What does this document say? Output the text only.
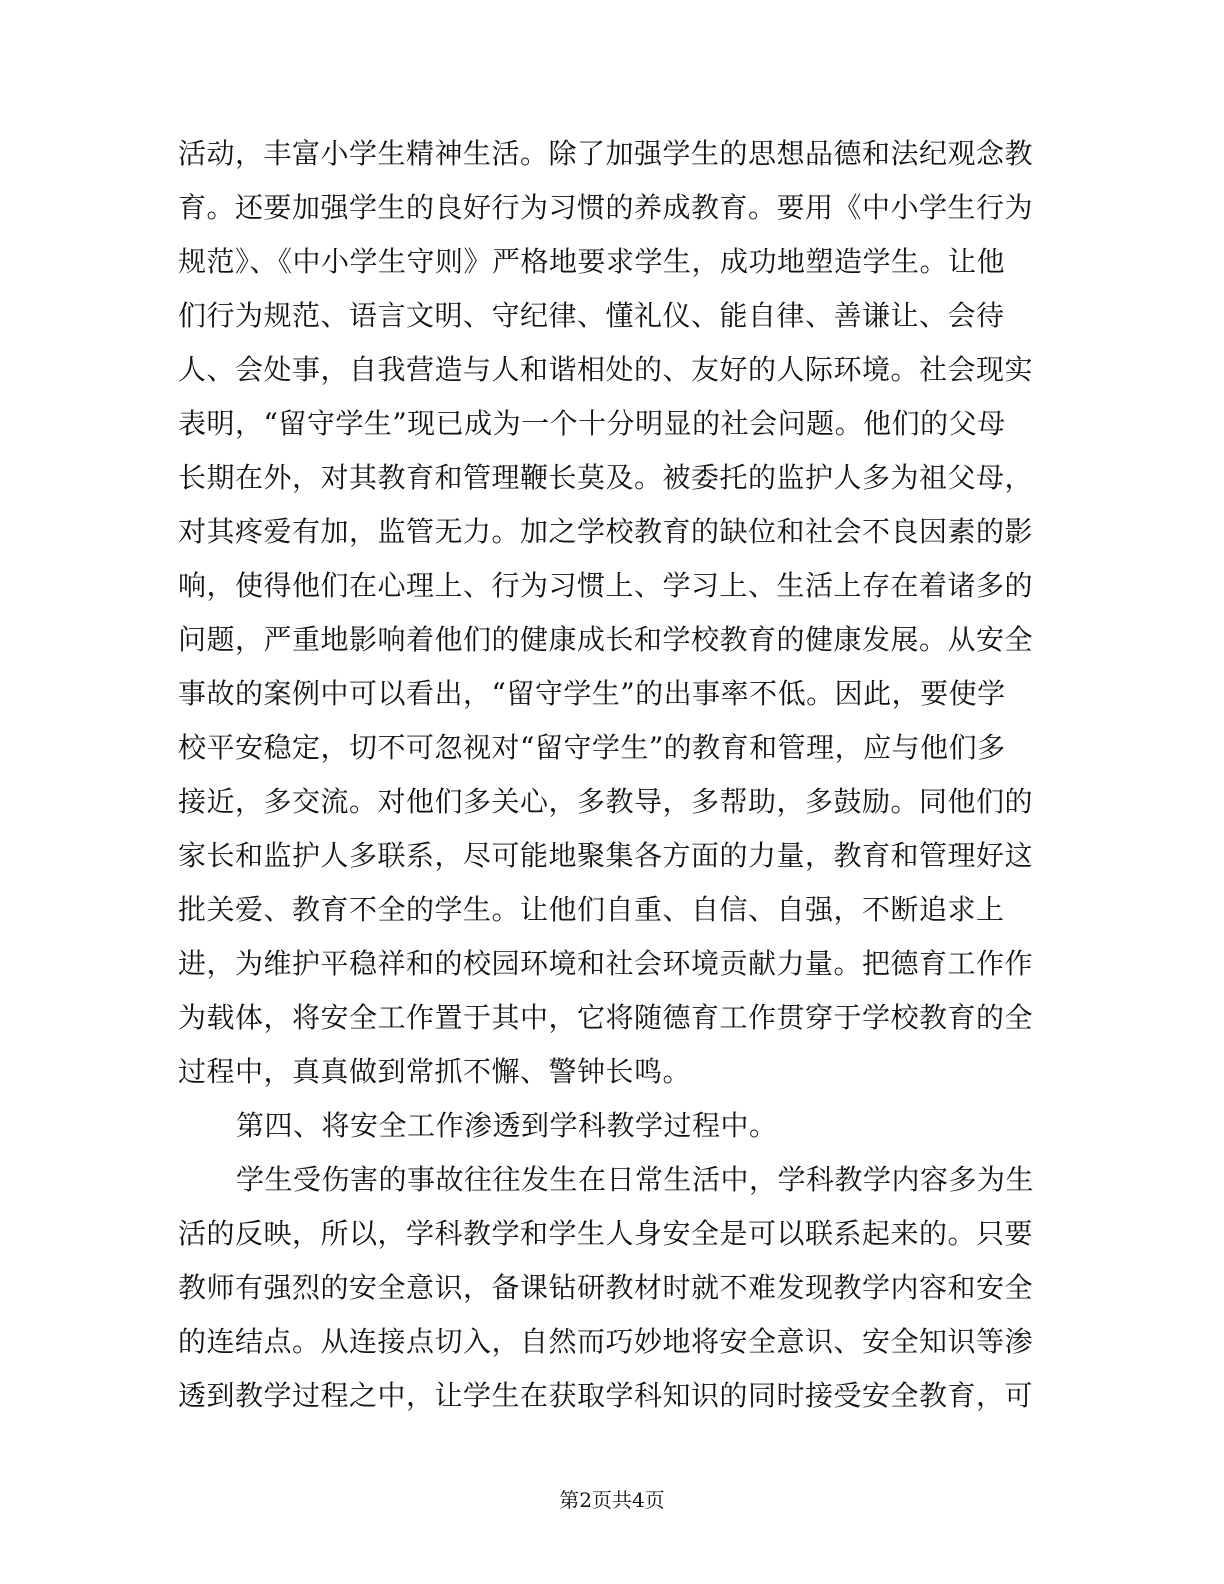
活动，丰富小学生精神生活。除了加强学生的思想品德和法纪观念教
育。还要加强学生的良好行为习惯的养成教育。要用《中小学生行为
规范》、《中小学生守则》严格地要求学生，成功地塑造学生。让他
们行为规范、语言文明、守纪律、懂礼仪、能自律、善谦让、会待
人、会处事，自我营造与人和谐相处的、友好的人际环境。社会现实
表明，“留守学生”现已成为一个十分明显的社会问题。他们的父母
长期在外，对其教育和管理鞭长莫及。被委托的监护人多为祖父母，
对其疼爱有加，监管无力。加之学校教育的缺位和社会不良因素的影
响，使得他们在心理上、行为习惯上、学习上、生活上存在着诸多的
问题，严重地影响着他们的健康成长和学校教育的健康发展。从安全
事故的案例中可以看出，“留守学生”的出事率不低。因此，要使学
校平安稳定，切不可忽视对“留守学生”的教育和管理，应与他们多
接近，多交流。对他们多关心，多教导，多帮助，多鼓励。同他们的
家长和监护人多联系，尽可能地聚集各方面的力量，教育和管理好这
批关爱、教育不全的学生。让他们自重、自信、自强，不断追求上
进，为维护平稳祥和的校园环境和社会环境贡献力量。把德育工作作
为载体，将安全工作置于其中，它将随德育工作贯穿于学校教育的全
过程中，真真做到常抓不懈、警钟长鸣。
第四、将安全工作渗透到学科教学过程中。
学生受伤害的事故往往发生在日常生活中，学科教学内容多为生
活的反映，所以，学科教学和学生人身安全是可以联系起来的。只要
教师有强烈的安全意识，备课钻研教材时就不难发现教学内容和安全
的连结点。从连接点切入，自然而巧妙地将安全意识、安全知识等渗
透到教学过程之中，让学生在获取学科知识的同时接受安全教育，可
第2页共4页
